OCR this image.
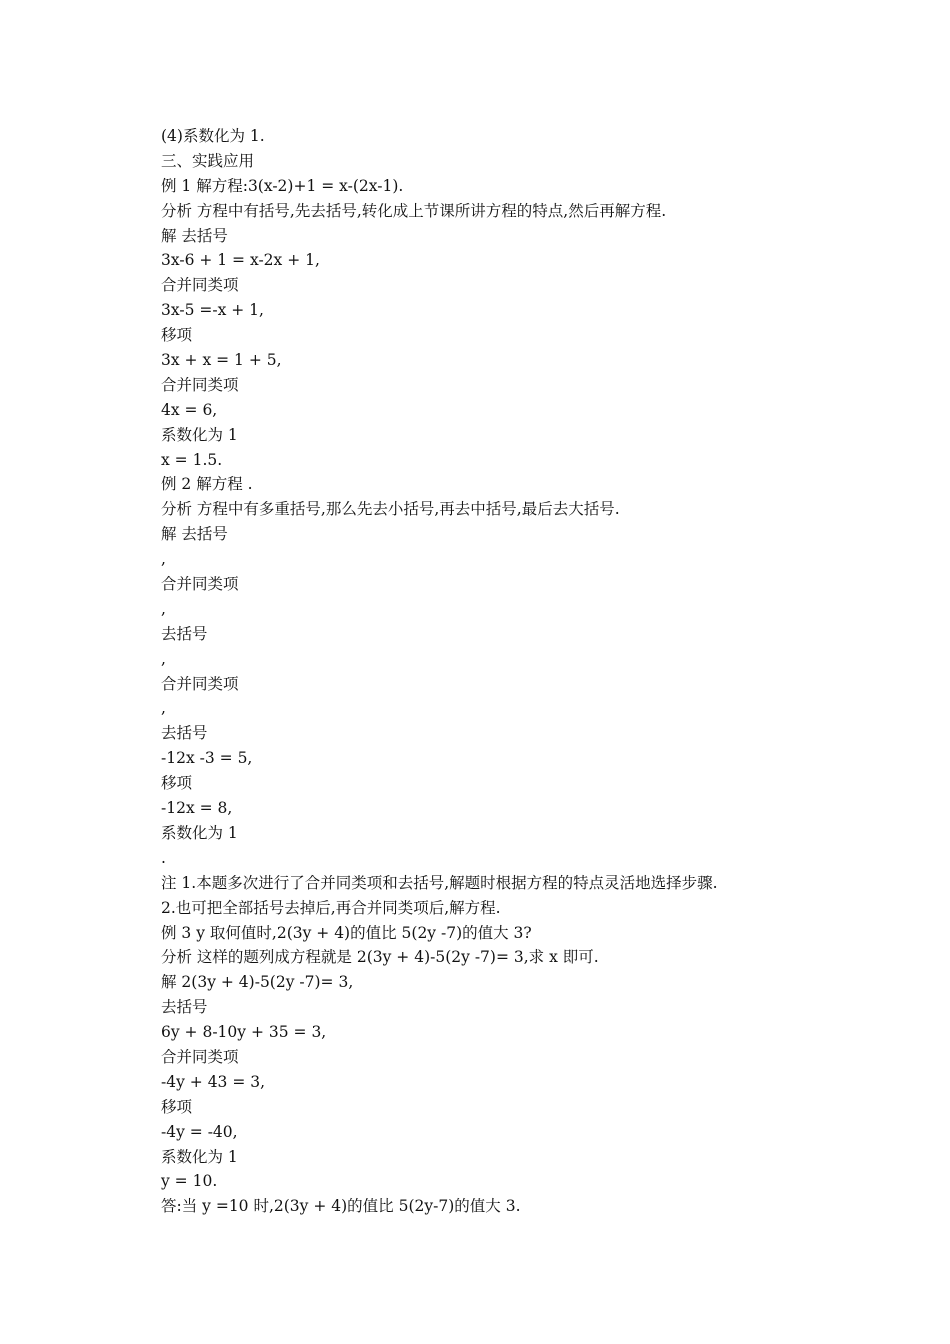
(4)系数化为 1.
三、实践应用
例 1 解方程:3(x-2)+1 = x-(2x-1).
分析 方程中有括号,先去括号,转化成上节课所讲方程的特点,然后再解方程.
解 去括号
3x-6 + 1 = x-2x + 1,
合并同类项
3x-5 =-x + 1,
移项
3x + x = 1 + 5,
合并同类项
4x = 6,
系数化为 1
x = 1.5.
例 2 解方程 .
分析 方程中有多重括号,那么先去小括号,再去中括号,最后去大括号.
解 去括号
,
合并同类项
,
去括号
,
合并同类项
,
去括号
-12x -3 = 5,
移项
-12x = 8,
系数化为 1
.
注 1.本题多次进行了合并同类项和去括号,解题时根据方程的特点灵活地选择步骤.
2.也可把全部括号去掉后,再合并同类项后,解方程.
例 3 y 取何值时,2(3y + 4)的值比 5(2y -7)的值大 3?
分析 这样的题列成方程就是 2(3y + 4)-5(2y -7)= 3,求 x 即可.
解 2(3y + 4)-5(2y -7)= 3,
去括号
6y + 8-10y + 35 = 3,
合并同类项
-4y + 43 = 3,
移项
-4y = -40,
系数化为 1
y = 10.
答:当 y =10 时,2(3y + 4)的值比 5(2y-7)的值大 3.
